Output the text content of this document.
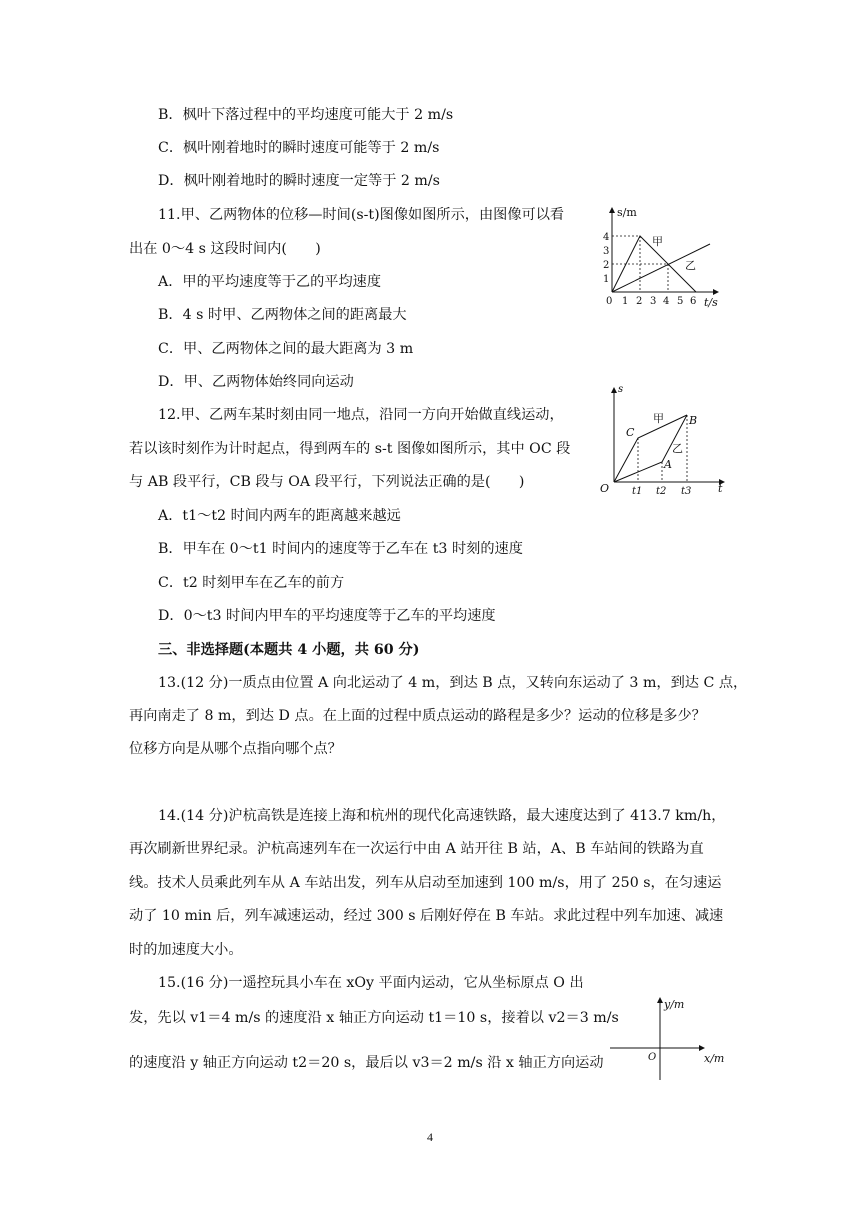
B．枫叶下落过程中的平均速度可能大于 2 m/s
C．枫叶刚着地时的瞬时速度可能等于 2 m/s
D．枫叶刚着地时的瞬时速度一定等于 2 m/s
11.甲、乙两物体的位移—时间(s-t)图像如图所示，由图像可以看
出在 0～4 s 这段时间内(　　)
A．甲的平均速度等于乙的平均速度
B．4 s 时甲、乙两物体之间的距离最大
C．甲、乙两物体之间的最大距离为 3 m
D．甲、乙两物体始终同向运动
s/m
t/s
1
2
3
4
0 1 2 3 4 5 6
甲
乙
12.甲、乙两车某时刻由同一地点，沿同一方向开始做直线运动，
若以该时刻作为计时起点，得到两车的 s-t 图像如图所示，其中 OC 段
与 AB 段平行，CB 段与 OA 段平行，下列说法正确的是(　　)
A．t1～t2 时间内两车的距离越来越远
B．甲车在 0～t1 时间内的速度等于乙车在 t3 时刻的速度
C．t2 时刻甲车在乙车的前方
D．0～t3 时间内甲车的平均速度等于乙车的平均速度
s
t
O
C
B
A
甲
乙
t1 t2 t3
三、非选择题(本题共 4 小题，共 60 分)
13.(12 分)一质点由位置 A 向北运动了 4 m，到达 B 点，又转向东运动了 3 m，到达 C 点，
再向南走了 8 m，到达 D 点。在上面的过程中质点运动的路程是多少？运动的位移是多少？
位移方向是从哪个点指向哪个点？
14.(14 分)沪杭高铁是连接上海和杭州的现代化高速铁路，最大速度达到了 413.7 km/h，
再次刷新世界纪录。沪杭高速列车在一次运行中由 A 站开往 B 站，A、B 车站间的铁路为直
线。技术人员乘此列车从 A 车站出发，列车从启动至加速到 100 m/s，用了 250 s，在匀速运
动了 10 min 后，列车减速运动，经过 300 s 后刚好停在 B 车站。求此过程中列车加速、减速
时的加速度大小。
15.(16 分)一遥控玩具小车在 xOy 平面内运动，它从坐标原点 O 出
发，先以 v1＝4 m/s 的速度沿 x 轴正方向运动 t1＝10 s，接着以 v2＝3 m/s
的速度沿 y 轴正方向运动 t2＝20 s，最后以 v3＝2 m/s 沿 x 轴正方向运动
y/m
x/m
O
4
